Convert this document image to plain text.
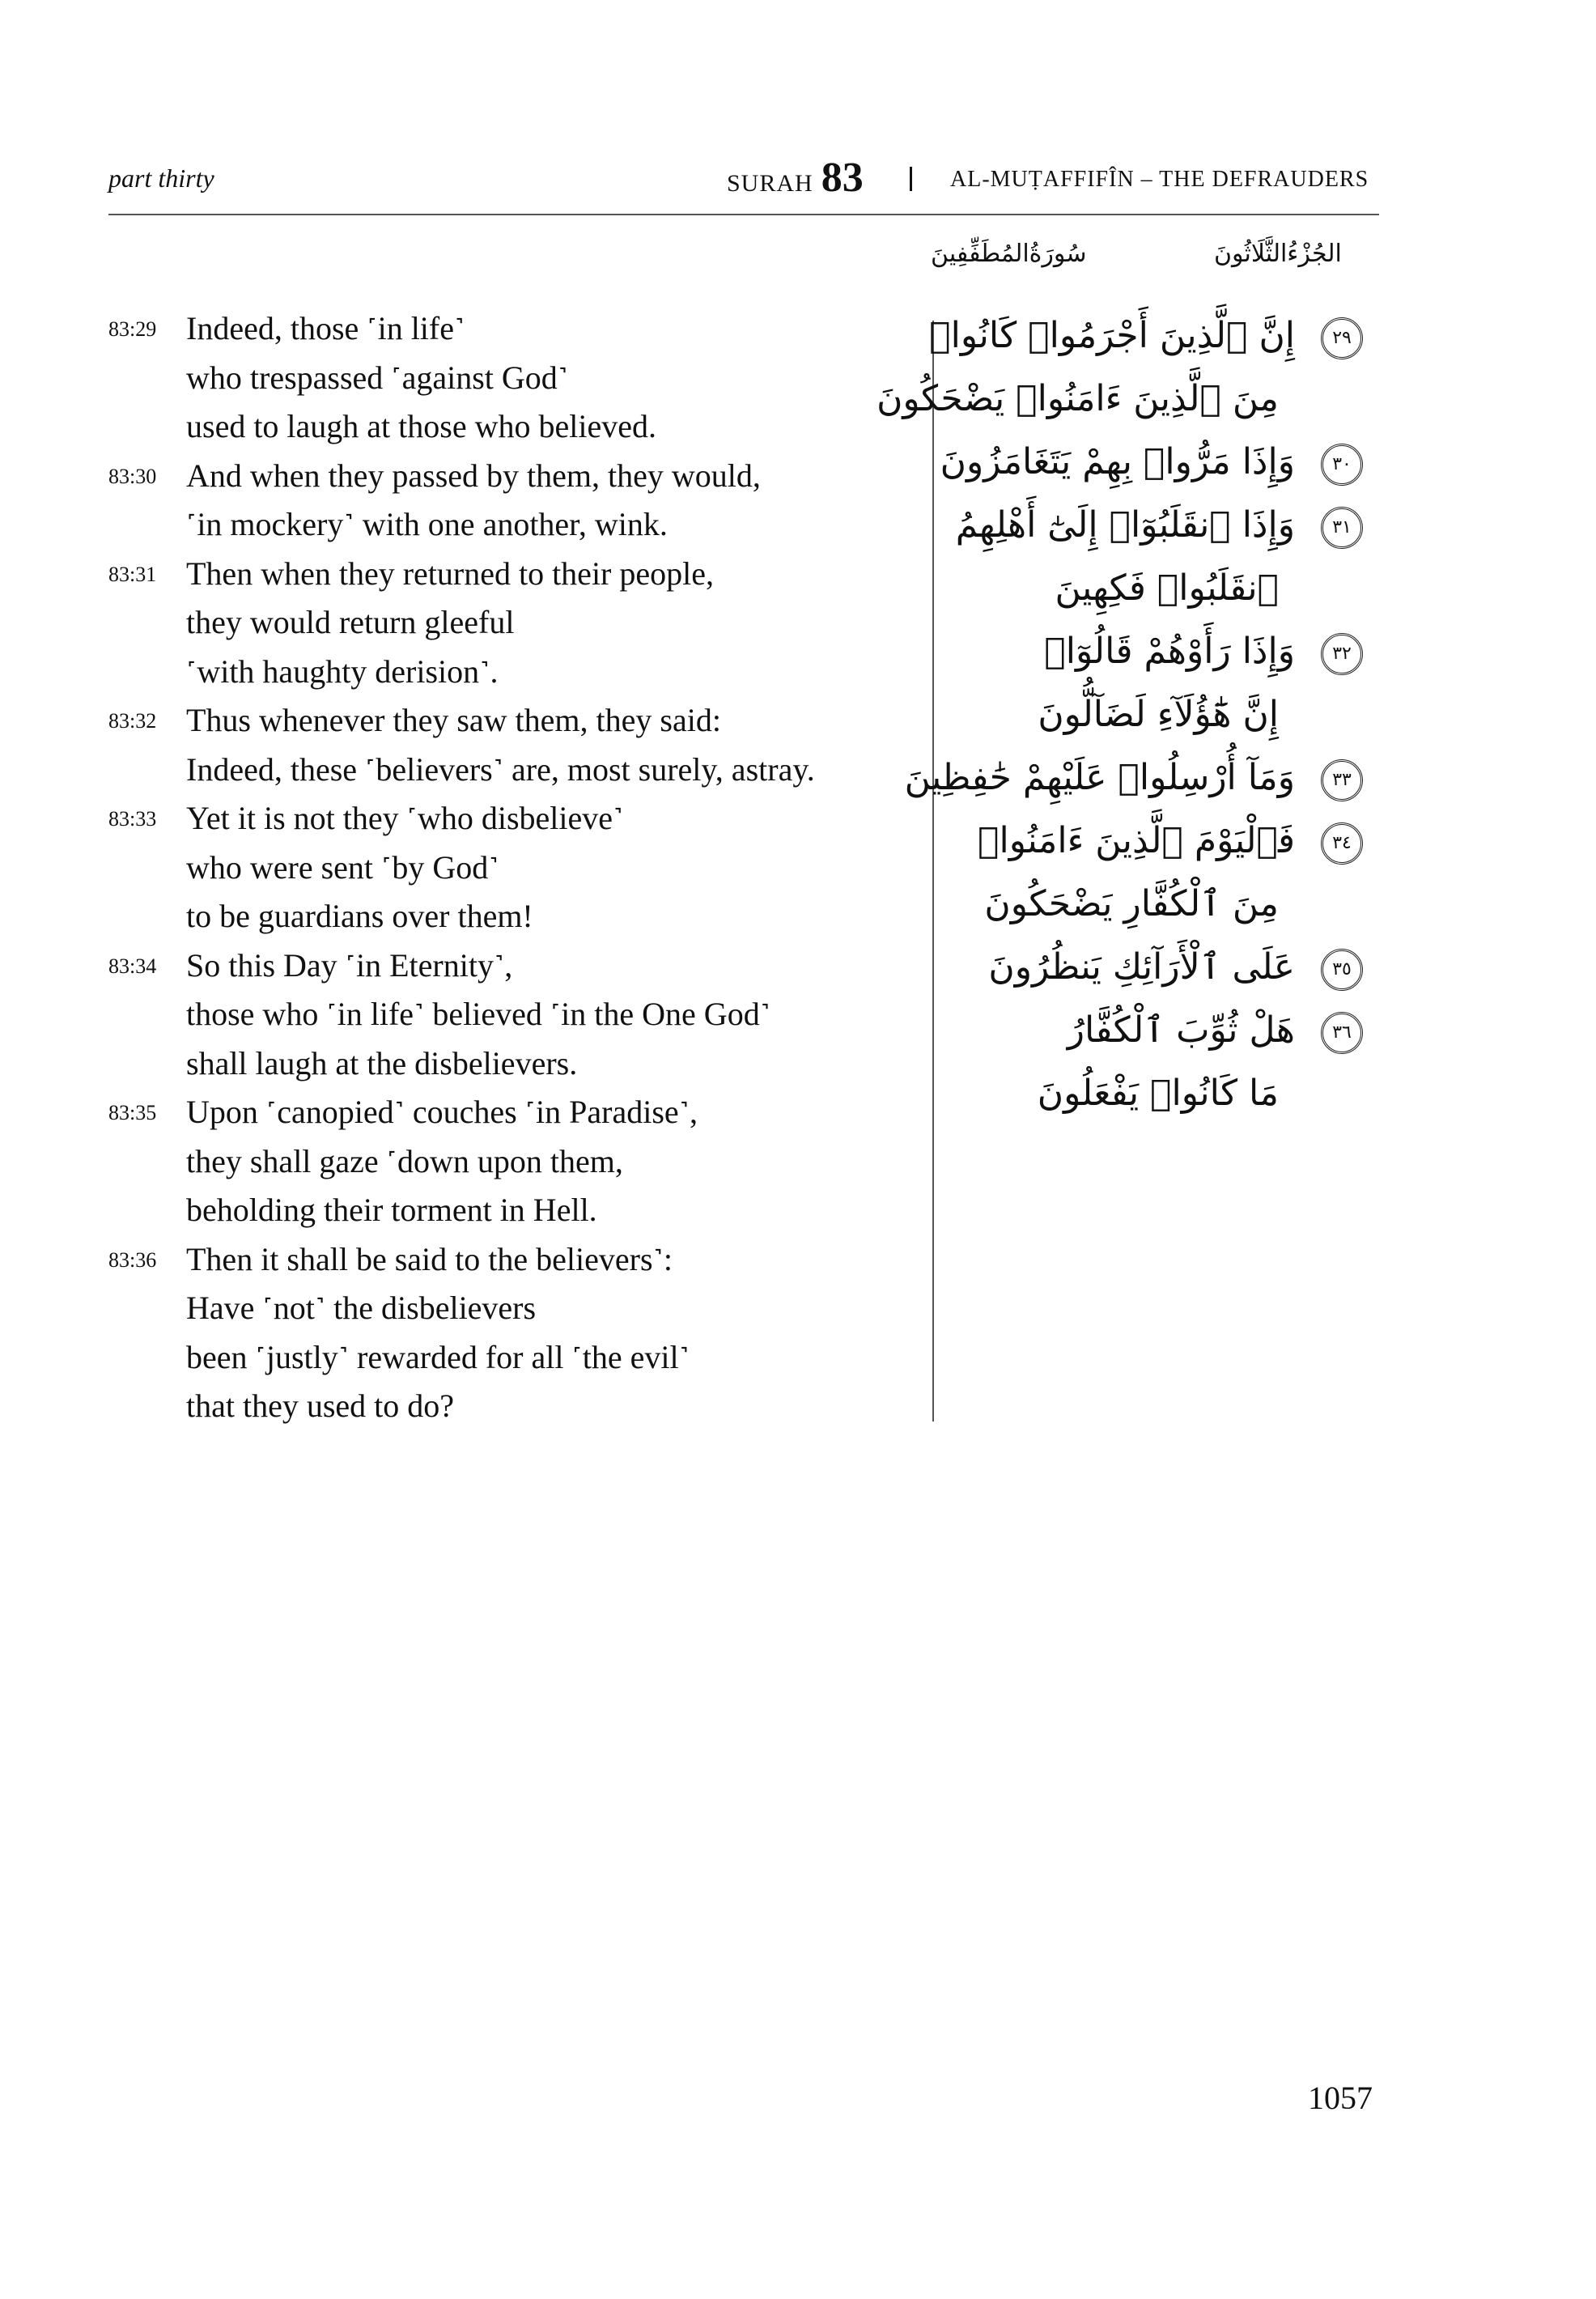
part thirty	SURAH 83	AL-MUṬAFFIFÎN – THE DEFRAUDERS
الجُزْءُالثَّلَاثُونَ
سُورَةُالمُطَفِّفِينَ
83:29 Indeed, those ˹in life˺
who trespassed ˹against God˺
used to laugh at those who believed.
83:30 And when they passed by them, they would,
˹in mockery˺ with one another, wink.
83:31 Then when they returned to their people,
they would return gleeful
˹with haughty derision˺.
83:32 Thus whenever they saw them, they said:
Indeed, these ˹believers˺ are, most surely, astray.
83:33 Yet it is not they ˹who disbelieve˺
who were sent ˹by God˺
to be guardians over them!
83:34 So this Day ˹in Eternity˺,
those who ˹in life˺ believed ˹in the One God˺
shall laugh at the disbelievers.
83:35 Upon ˹canopied˺ couches ˹in Paradise˺,
they shall gaze ˹down upon them,
beholding their torment in Hell.
83:36 Then it shall be said to the believers˺:
Have ˹not˺ the disbelievers
been ˹justly˺ rewarded for all ˹the evil˺
that they used to do?
٢٩
إِنَّ ٱلَّذِينَ أَجْرَمُوا۟ كَانُوا۟
مِنَ ٱلَّذِينَ ءَامَنُوا۟ يَضْحَكُونَ
٣٠
وَإِذَا مَرُّوا۟ بِهِمْ يَتَغَامَزُونَ
٣١
وَإِذَا ٱنقَلَبُوٓا۟ إِلَىٰٓ أَهْلِهِمُ
ٱنقَلَبُوا۟ فَكِهِينَ
٣٢
وَإِذَا رَأَوْهُمْ قَالُوٓا۟
إِنَّ هَٰٓؤُلَآءِ لَضَآلُّونَ
٣٣
وَمَآ أُرْسِلُوا۟ عَلَيْهِمْ حَٰفِظِينَ
٣٤
فَٱلْيَوْمَ ٱلَّذِينَ ءَامَنُوا۟
مِنَ ٱلْكُفَّارِ يَضْحَكُونَ
٣٥
عَلَى ٱلْأَرَآئِكِ يَنظُرُونَ
٣٦
هَلْ ثُوِّبَ ٱلْكُفَّارُ
مَا كَانُوا۟ يَفْعَلُونَ
1057
